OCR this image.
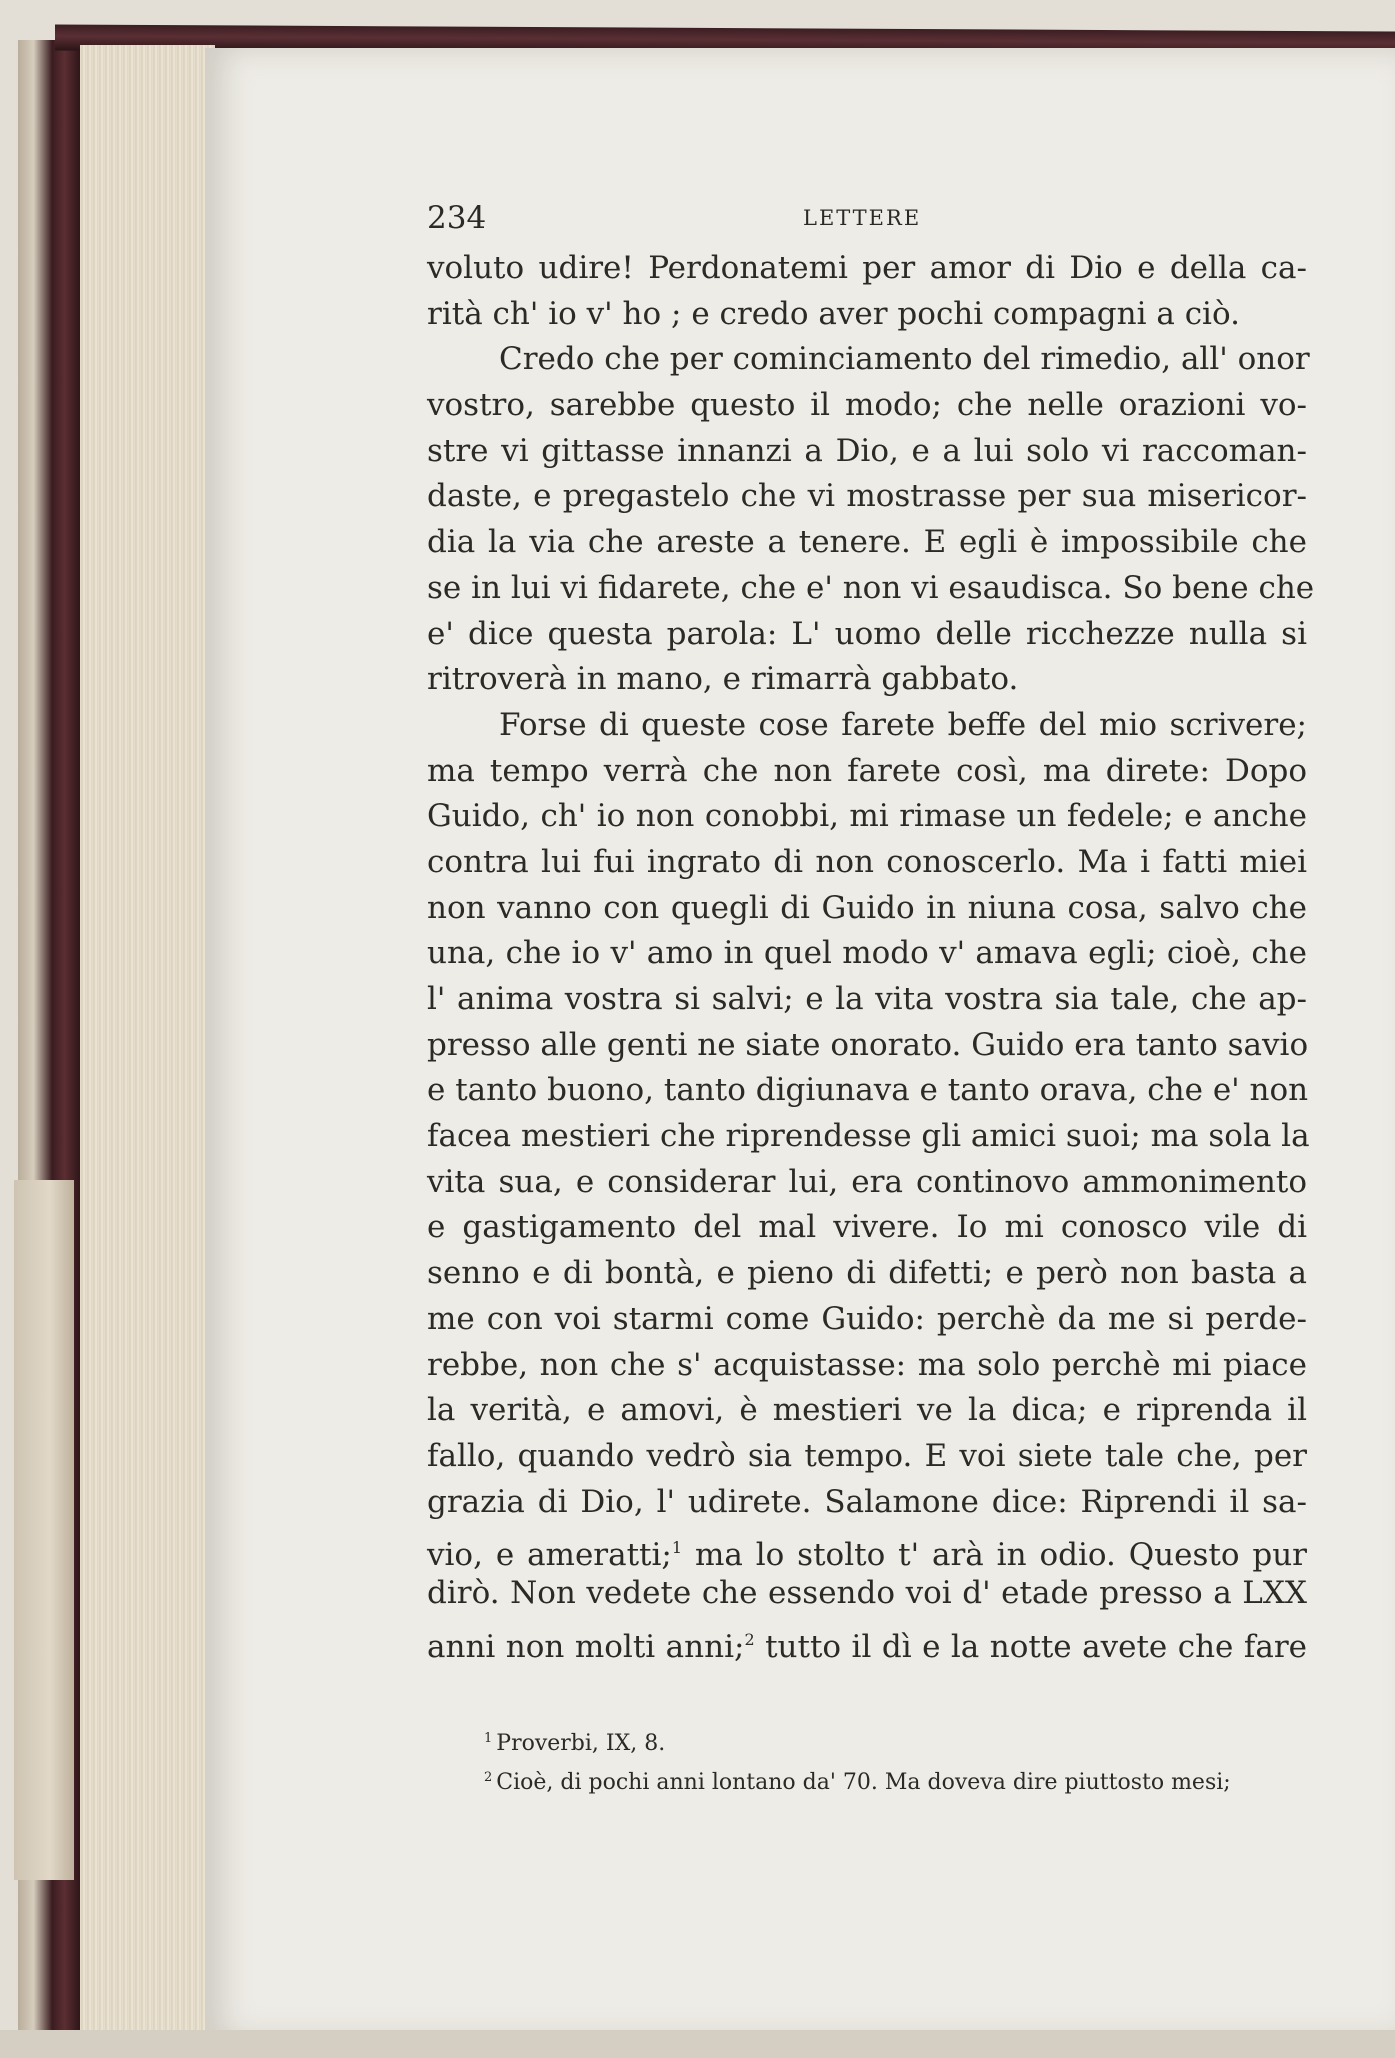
234	LETTERE
voluto udire! Perdonatemi per amor di Dio e della ca-
rità ch' io v' ho ; e credo aver pochi compagni a ciò.
Credo che per cominciamento del rimedio, all' onor
vostro, sarebbe questo il modo; che nelle orazioni vo-
stre vi gittasse innanzi a Dio, e a lui solo vi raccoman-
daste, e pregastelo che vi mostrasse per sua misericor-
dia la via che areste a tenere. E egli è impossibile che
se in lui vi fidarete, che e' non vi esaudisca. So bene che
e' dice questa parola: L' uomo delle ricchezze nulla si
ritroverà in mano, e rimarrà gabbato.
Forse di queste cose farete beffe del mio scrivere;
ma tempo verrà che non farete così, ma direte: Dopo
Guido, ch' io non conobbi, mi rimase un fedele; e anche
contra lui fui ingrato di non conoscerlo. Ma i fatti miei
non vanno con quegli di Guido in niuna cosa, salvo che
una, che io v' amo in quel modo v' amava egli; cioè, che
l' anima vostra si salvi; e la vita vostra sia tale, che ap-
presso alle genti ne siate onorato. Guido era tanto savio
e tanto buono, tanto digiunava e tanto orava, che e' non
facea mestieri che riprendesse gli amici suoi; ma sola la
vita sua, e considerar lui, era continovo ammonimento
e gastigamento del mal vivere. Io mi conosco vile di
senno e di bontà, e pieno di difetti; e però non basta a
me con voi starmi come Guido: perchè da me si perde-
rebbe, non che s' acquistasse: ma solo perchè mi piace
la verità, e amovi, è mestieri ve la dica; e riprenda il
fallo, quando vedrò sia tempo. E voi siete tale che, per
grazia di Dio, l' udirete. Salamone dice: Riprendi il sa-
vio, e ameratti;$^1$ ma lo stolto t' arà in odio. Questo pur
dirò. Non vedete che essendo voi d' etade presso a LXX
anni non molti anni;$^2$ tutto il dì e la notte avete che fare
$^1$ Proverbi, IX, 8.
$^2$ Cioè, di pochi anni lontano da' 70. Ma doveva dire piuttosto mesi;
